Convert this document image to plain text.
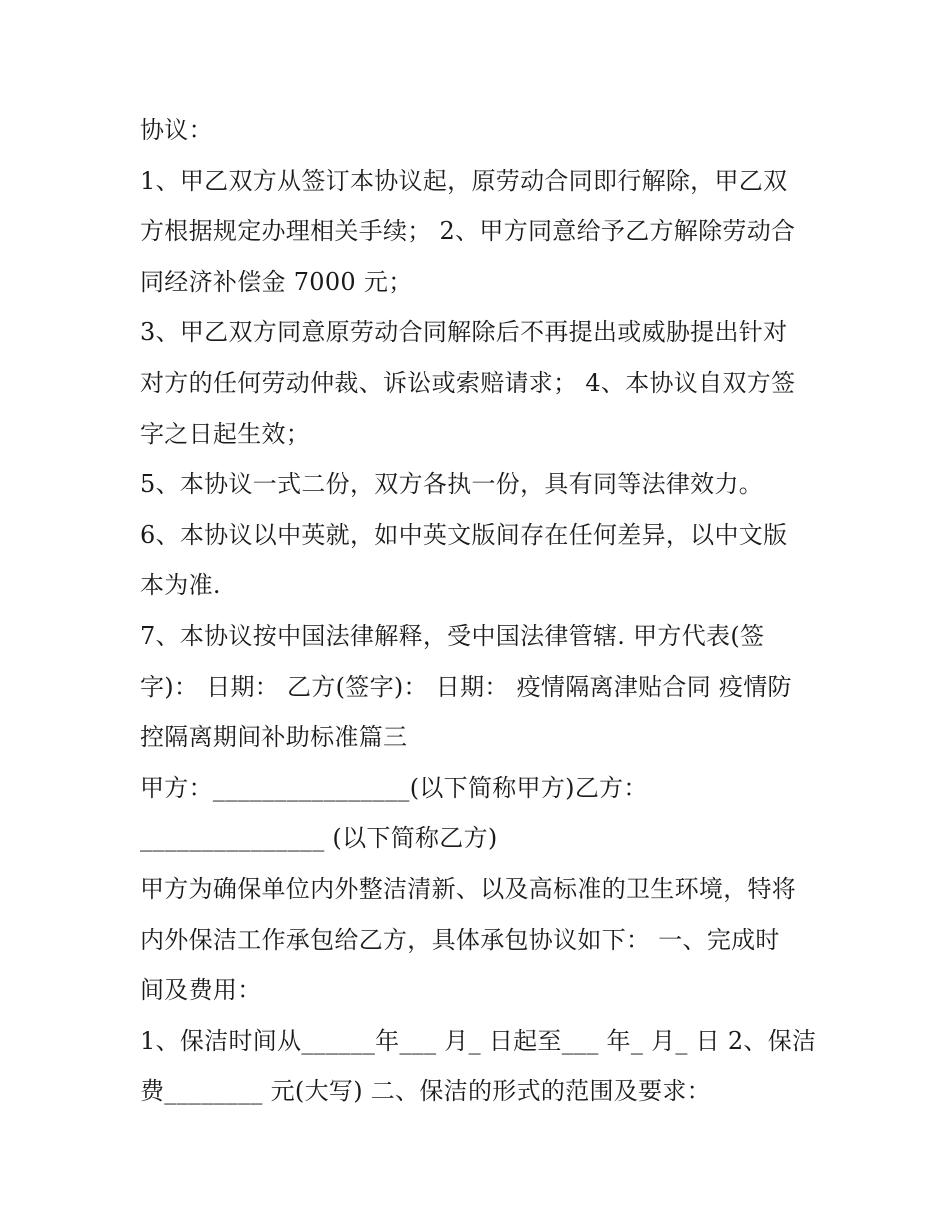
协议：

1、甲乙双方从签订本协议起，原劳动合同即行解除，甲乙双

方根据规定办理相关手续； 2、甲方同意给予乙方解除劳动合

同经济补偿金 7000 元；

3、甲乙双方同意原劳动合同解除后不再提出或威胁提出针对

对方的任何劳动仲裁、诉讼或索赔请求； 4、本协议自双方签

字之日起生效；

5、本协议一式二份，双方各执一份，具有同等法律效力。

6、本协议以中英就，如中英文版间存在任何差异，以中文版

本为准.

7、本协议按中国法律解释，受中国法律管辖. 甲方代表(签

字)： 日期： 乙方(签字)： 日期： 疫情隔离津贴合同 疫情防

控隔离期间补助标准篇三

甲方：________________(以下简称甲方)乙方：

_______________ (以下简称乙方)

甲方为确保单位内外整洁清新、以及高标准的卫生环境，特将

内外保洁工作承包给乙方，具体承包协议如下： 一、完成时

间及费用：

1、保洁时间从______年___ 月_ 日起至___ 年_ 月_ 日 2、保洁

费________ 元(大写) 二、保洁的形式的范围及要求：
